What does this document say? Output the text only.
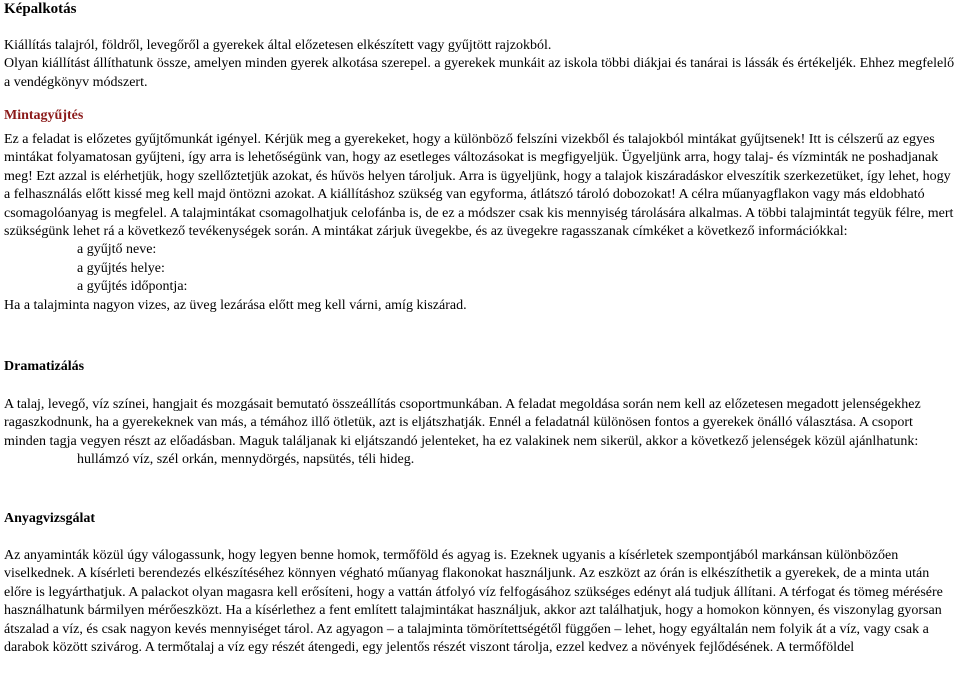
Képalkotás

Kiállítás talajról, földről, levegőről a gyerekek által előzetesen elkészített vagy gyűjtött rajzokból.

Olyan kiállítást állíthatunk össze, amelyen minden gyerek alkotása szerepel. a gyerekek munkáit az iskola többi diákjai és tanárai is lássák és értékeljék. Ehhez megfelelő a vendégkönyv módszert.

Mintagyűjtés

Ez a feladat is előzetes gyűjtőmunkát igényel. Kérjük meg a gyerekeket, hogy a különböző felszíni vizekből és talajokból mintákat gyűjtsenek! Itt is célszerű az egyes mintákat folyamatosan gyűjteni, így arra is lehetőségünk van, hogy az esetleges változásokat is megfigyeljük. Ügyeljünk arra, hogy talaj- és vízminták ne poshadjanak meg! Ezt azzal is elérhetjük, hogy szellőztetjük azokat, és hűvös helyen tároljuk. Arra is ügyeljünk, hogy a talajok kiszáradáskor elveszítik szerkezetüket, így lehet, hogy a felhasználás előtt kissé meg kell majd öntözni azokat. A kiállításhoz szükség van egyforma, átlátszó tároló dobozokat! A célra műanyagflakon vagy más eldobható csomagolóanyag is megfelel. A talajmintákat csomagolhatjuk celofánba is, de ez a módszer csak kis mennyiség tárolására alkalmas. A többi talajmintát tegyük félre, mert szükségünk lehet rá a következő tevékenységek során. A mintákat zárjuk üvegekbe, és az üvegekre ragasszanak címkéket a következő információkkal:

a gyűjtő neve:

a gyűjtés helye:

a gyűjtés időpontja:

Ha a talajminta nagyon vizes, az üveg lezárása előtt meg kell várni, amíg kiszárad.

Dramatizálás

A talaj, levegő, víz színei, hangjait és mozgásait bemutató összeállítás csoportmunkában. A feladat megoldása során nem kell az előzetesen megadott jelenségekhez ragaszkodnunk, ha a gyerekeknek van más, a témához illő ötletük, azt is eljátszhatják. Ennél a feladatnál különösen fontos a gyerekek önálló választása. A csoport minden tagja vegyen részt az előadásban. Maguk találjanak ki eljátszandó jelenteket, ha ez valakinek nem sikerül, akkor a következő jelenségek közül ajánlhatunk:

hullámzó víz, szél orkán, mennydörgés, napsütés, téli hideg.

Anyagvizsgálat

Az anyaminták közül úgy válogassunk, hogy legyen benne homok, termőföld és agyag is. Ezeknek ugyanis a kísérletek szempontjából markánsan különbözően viselkednek. A kísérleti berendezés elkészítéséhez könnyen végható műanyag flakonokat használjunk. Az eszközt az órán is elkészíthetik a gyerekek, de a minta után előre is legyárthatjuk. A palackot olyan magasra kell erősíteni, hogy a vattán átfolyó víz felfogásához szükséges edényt alá tudjuk állítani. A térfogat és tömeg mérésére használhatunk bármilyen mérőeszközt. Ha a kísérlethez a fent említett talajmintákat használjuk, akkor azt találhatjuk, hogy a homokon könnyen, és viszonylag gyorsan átszalad a víz, és csak nagyon kevés mennyiséget tárol. Az agyagon – a talajminta tömörítettségétől függően – lehet, hogy egyáltalán nem folyik át a víz, vagy csak a darabok között szivárog. A termőtalaj a víz egy részét átengedi, egy jelentős részét viszont tárolja, ezzel kedvez a növények fejlődésének. A termőföldel
